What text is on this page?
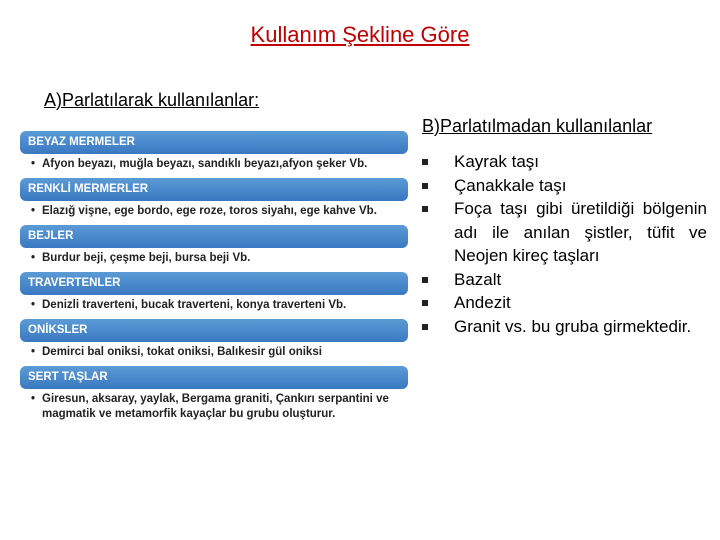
Kullanım Şekline Göre
A)Parlatılarak kullanılanlar:
BEYAZ MERMELER
• Afyon beyazı, muğla beyazı, sandıklı beyazı,afyon şeker Vb.
RENKLİ MERMERLER
• Elazığ vişne, ege bordo, ege roze, toros siyahı, ege kahve Vb.
BEJLER
• Burdur beji, çeşme beji, bursa beji Vb.
TRAVERTENLER
• Denizli traverteni, bucak traverteni, konya traverteni Vb.
ONİKSLER
• Demirci bal oniksi, tokat oniksi, Balıkesir gül oniksi
SERT TAŞLAR
• Giresun, aksaray, yaylak, Bergama graniti, Çankırı serpantini ve magmatik ve metamorfik kayaçlar bu grubu oluşturur.
B)Parlatılmadan kullanılanlar
Kayrak taşı
Çanakkale taşı
Foça taşı gibi üretildiği bölgenin adı ile anılan şistler, tüfit ve Neojen kireç taşları
Bazalt
Andezit
Granit vs. bu gruba girmektedir.
